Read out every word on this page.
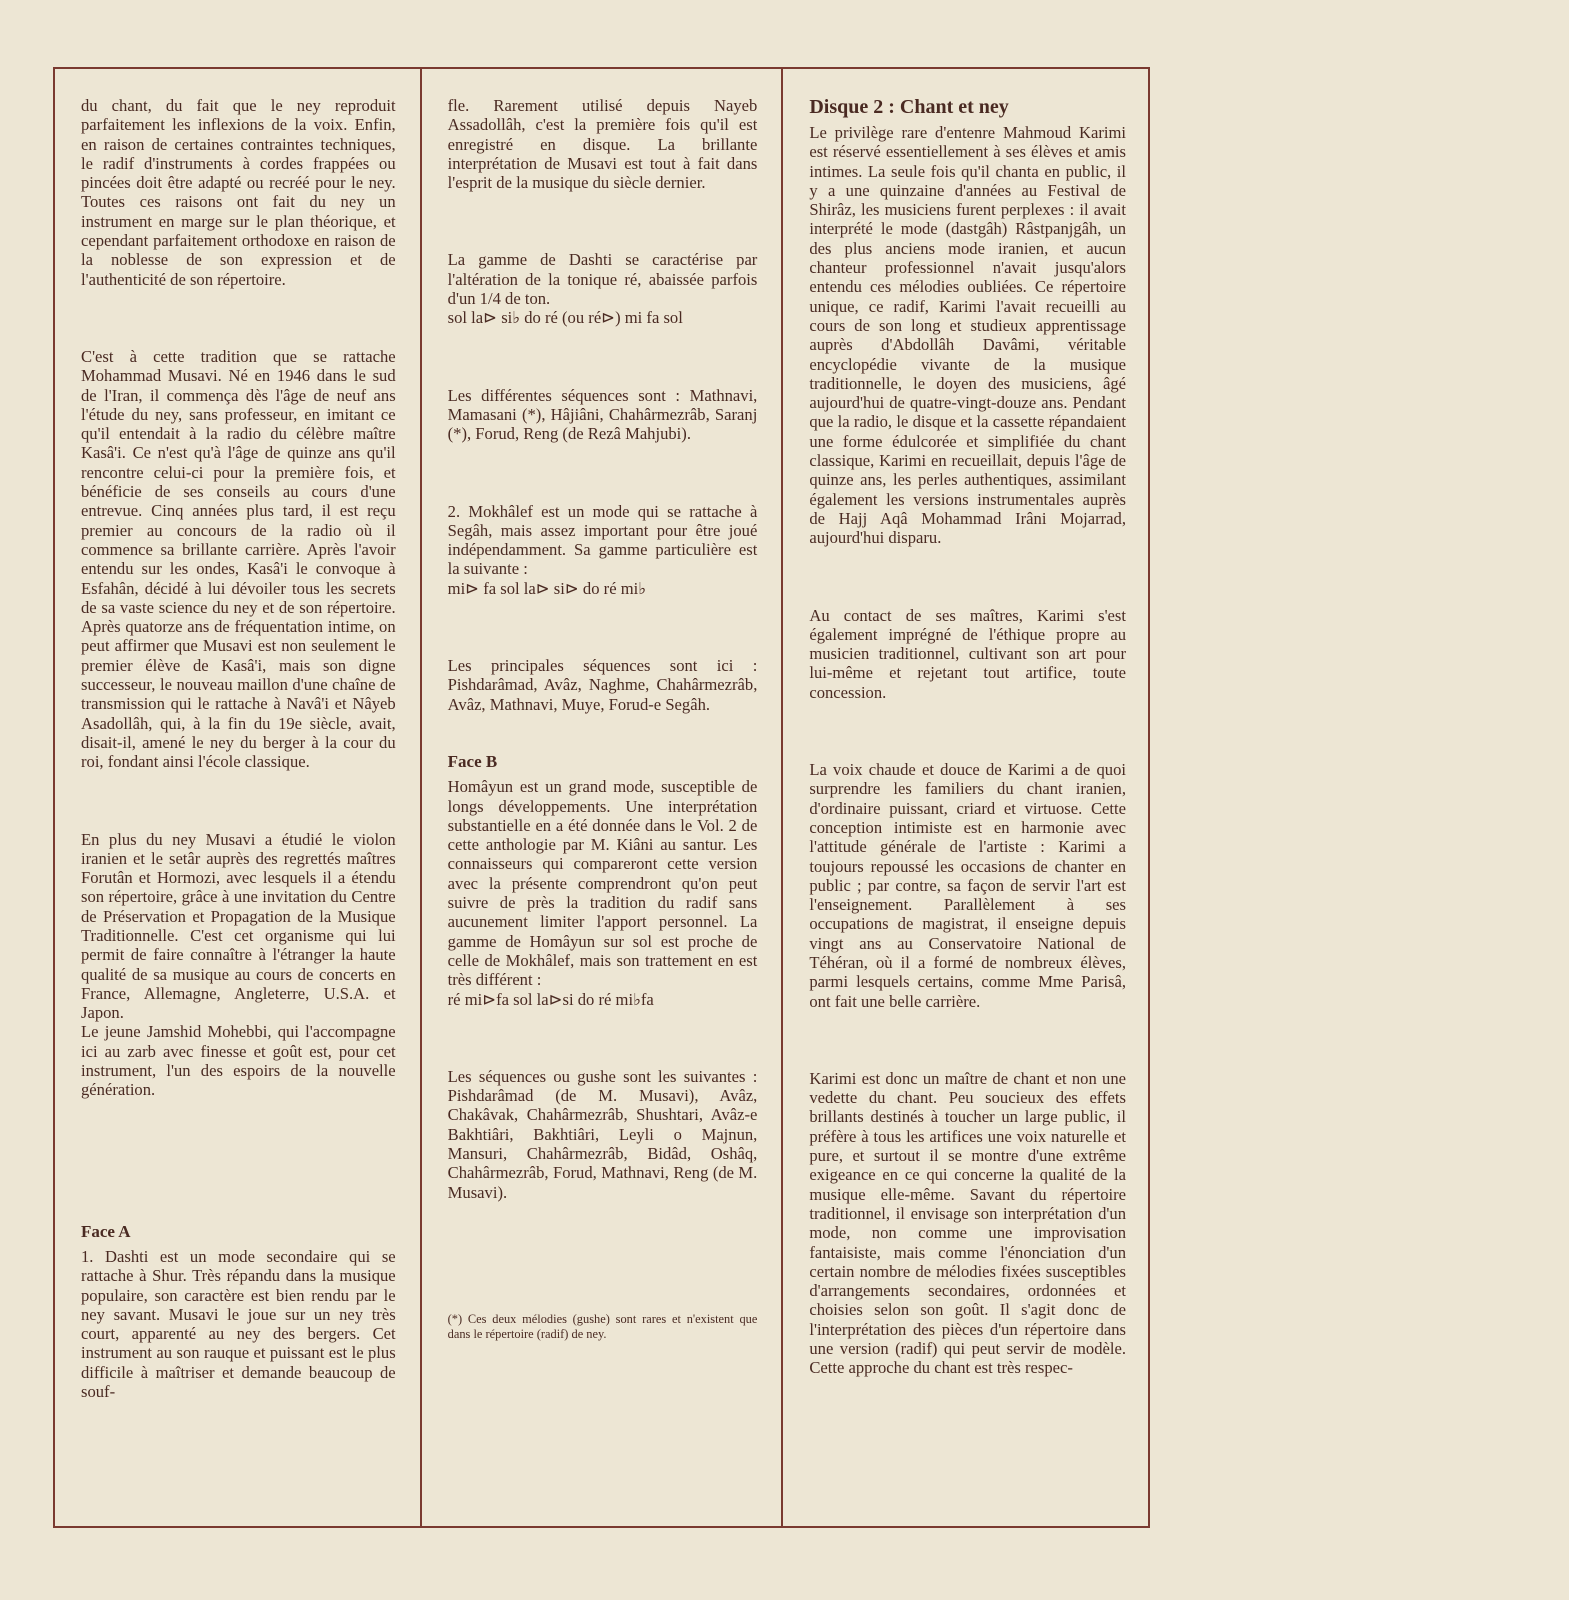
du chant, du fait que le ney reproduit parfaitement les inflexions de la voix. Enfin, en raison de certaines contraintes techniques, le radif d'instruments à cordes frappées ou pincées doit être adapté ou recréé pour le ney. Toutes ces raisons ont fait du ney un instrument en marge sur le plan théorique, et cependant parfaitement orthodoxe en raison de la noblesse de son expression et de l'authenticité de son répertoire.

C'est à cette tradition que se rattache Mohammad Musavi. Né en 1946 dans le sud de l'Iran, il commença dès l'âge de neuf ans l'étude du ney, sans professeur, en imitant ce qu'il entendait à la radio du célèbre maître Kasâ'i. Ce n'est qu'à l'âge de quinze ans qu'il rencontre celui-ci pour la première fois, et bénéficie de ses conseils au cours d'une entrevue. Cinq années plus tard, il est reçu premier au concours de la radio où il commence sa brillante carrière. Après l'avoir entendu sur les ondes, Kasâ'i le convoque à Esfahân, décidé à lui dévoiler tous les secrets de sa vaste science du ney et de son répertoire. Après quatorze ans de fréquentation intime, on peut affirmer que Musavi est non seulement le premier élève de Kasâ'i, mais son digne successeur, le nouveau maillon d'une chaîne de transmission qui le rattache à Navâ'i et Nâyeb Asadollâh, qui, à la fin du 19e siècle, avait, disait-il, amené le ney du berger à la cour du roi, fondant ainsi l'école classique.

En plus du ney Musavi a étudié le violon iranien et le setâr auprès des regrettés maîtres Forutân et Hormozi, avec lesquels il a étendu son répertoire, grâce à une invitation du Centre de Préservation et Propagation de la Musique Traditionnelle. C'est cet organisme qui lui permit de faire connaître à l'étranger la haute qualité de sa musique au cours de concerts en France, Allemagne, Angleterre, U.S.A. et Japon.

Le jeune Jamshid Mohebbi, qui l'accompagne ici au zarb avec finesse et goût est, pour cet instrument, l'un des espoirs de la nouvelle génération.

Face A

1. Dashti est un mode secondaire qui se rattache à Shur. Très répandu dans la musique populaire, son caractère est bien rendu par le ney savant. Musavi le joue sur un ney très court, apparenté au ney des bergers. Cet instrument au son rauque et puissant est le plus difficile à maîtriser et demande beaucoup de souf-

fle. Rarement utilisé depuis Nayeb Assadollâh, c'est la première fois qu'il est enregistré en disque. La brillante interprétation de Musavi est tout à fait dans l'esprit de la musique du siècle dernier.

La gamme de Dashti se caractérise par l'altération de la tonique ré, abaissée parfois d'un 1/4 de ton.

sol la⊳ si♭ do ré (ou ré⊳) mi fa sol

Les différentes séquences sont : Mathnavi, Mamasani (*), Hâjiâni, Chahârmezrâb, Saranj (*), Forud, Reng (de Rezâ Mahjubi).

2. Mokhâlef est un mode qui se rattache à Segâh, mais assez important pour être joué indépendamment. Sa gamme particulière est la suivante :

mi⊳ fa sol la⊳ si⊳ do ré mi♭

Les principales séquences sont ici : Pishdarâmad, Avâz, Naghme, Chahârmezrâb, Avâz, Mathnavi, Muye, Forud-e Segâh.

Face B

Homâyun est un grand mode, susceptible de longs développements. Une interprétation substantielle en a été donnée dans le Vol. 2 de cette anthologie par M. Kiâni au santur. Les connaisseurs qui compareront cette version avec la présente comprendront qu'on peut suivre de près la tradition du radif sans aucunement limiter l'apport personnel. La gamme de Homâyun sur sol est proche de celle de Mokhâlef, mais son trattement en est très différent :

ré mi⊳fa sol la⊳si do ré mi♭fa

Les séquences ou gushe sont les suivantes : Pishdarâmad (de M. Musavi), Avâz, Chakâvak, Chahârmezrâb, Shushtari, Avâz-e Bakhtiâri, Bakhtiâri, Leyli o Majnun, Mansuri, Chahârmezrâb, Bidâd, Oshâq, Chahârmezrâb, Forud, Mathnavi, Reng (de M. Musavi).

(*) Ces deux mélodies (gushe) sont rares et n'existent que dans le répertoire (radif) de ney.

Disque 2 : Chant et ney

Le privilège rare d'entenre Mahmoud Karimi est réservé essentiellement à ses élèves et amis intimes. La seule fois qu'il chanta en public, il y a une quinzaine d'années au Festival de Shirâz, les musiciens furent perplexes : il avait interprété le mode (dastgâh) Râstpanjgâh, un des plus anciens mode iranien, et aucun chanteur professionnel n'avait jusqu'alors entendu ces mélodies oubliées. Ce répertoire unique, ce radif, Karimi l'avait recueilli au cours de son long et studieux apprentissage auprès d'Abdollâh Davâmi, véritable encyclopédie vivante de la musique traditionnelle, le doyen des musiciens, âgé aujourd'hui de quatre-vingt-douze ans. Pendant que la radio, le disque et la cassette répandaient une forme édulcorée et simplifiée du chant classique, Karimi en recueillait, depuis l'âge de quinze ans, les perles authentiques, assimilant également les versions instrumentales auprès de Hajj Aqâ Mohammad Irâni Mojarrad, aujourd'hui disparu.

Au contact de ses maîtres, Karimi s'est également imprégné de l'éthique propre au musicien traditionnel, cultivant son art pour lui-même et rejetant tout artifice, toute concession.

La voix chaude et douce de Karimi a de quoi surprendre les familiers du chant iranien, d'ordinaire puissant, criard et virtuose. Cette conception intimiste est en harmonie avec l'attitude générale de l'artiste : Karimi a toujours repoussé les occasions de chanter en public ; par contre, sa façon de servir l'art est l'enseignement. Parallèlement à ses occupations de magistrat, il enseigne depuis vingt ans au Conservatoire National de Téhéran, où il a formé de nombreux élèves, parmi lesquels certains, comme Mme Parisâ, ont fait une belle carrière.

Karimi est donc un maître de chant et non une vedette du chant. Peu soucieux des effets brillants destinés à toucher un large public, il préfère à tous les artifices une voix naturelle et pure, et surtout il se montre d'une extrême exigeance en ce qui concerne la qualité de la musique elle-même. Savant du répertoire traditionnel, il envisage son interprétation d'un mode, non comme une improvisation fantaisiste, mais comme l'énonciation d'un certain nombre de mélodies fixées susceptibles d'arrangements secondaires, ordonnées et choisies selon son goût. Il s'agit donc de l'interprétation des pièces d'un répertoire dans une version (radif) qui peut servir de modèle. Cette approche du chant est très respec-
